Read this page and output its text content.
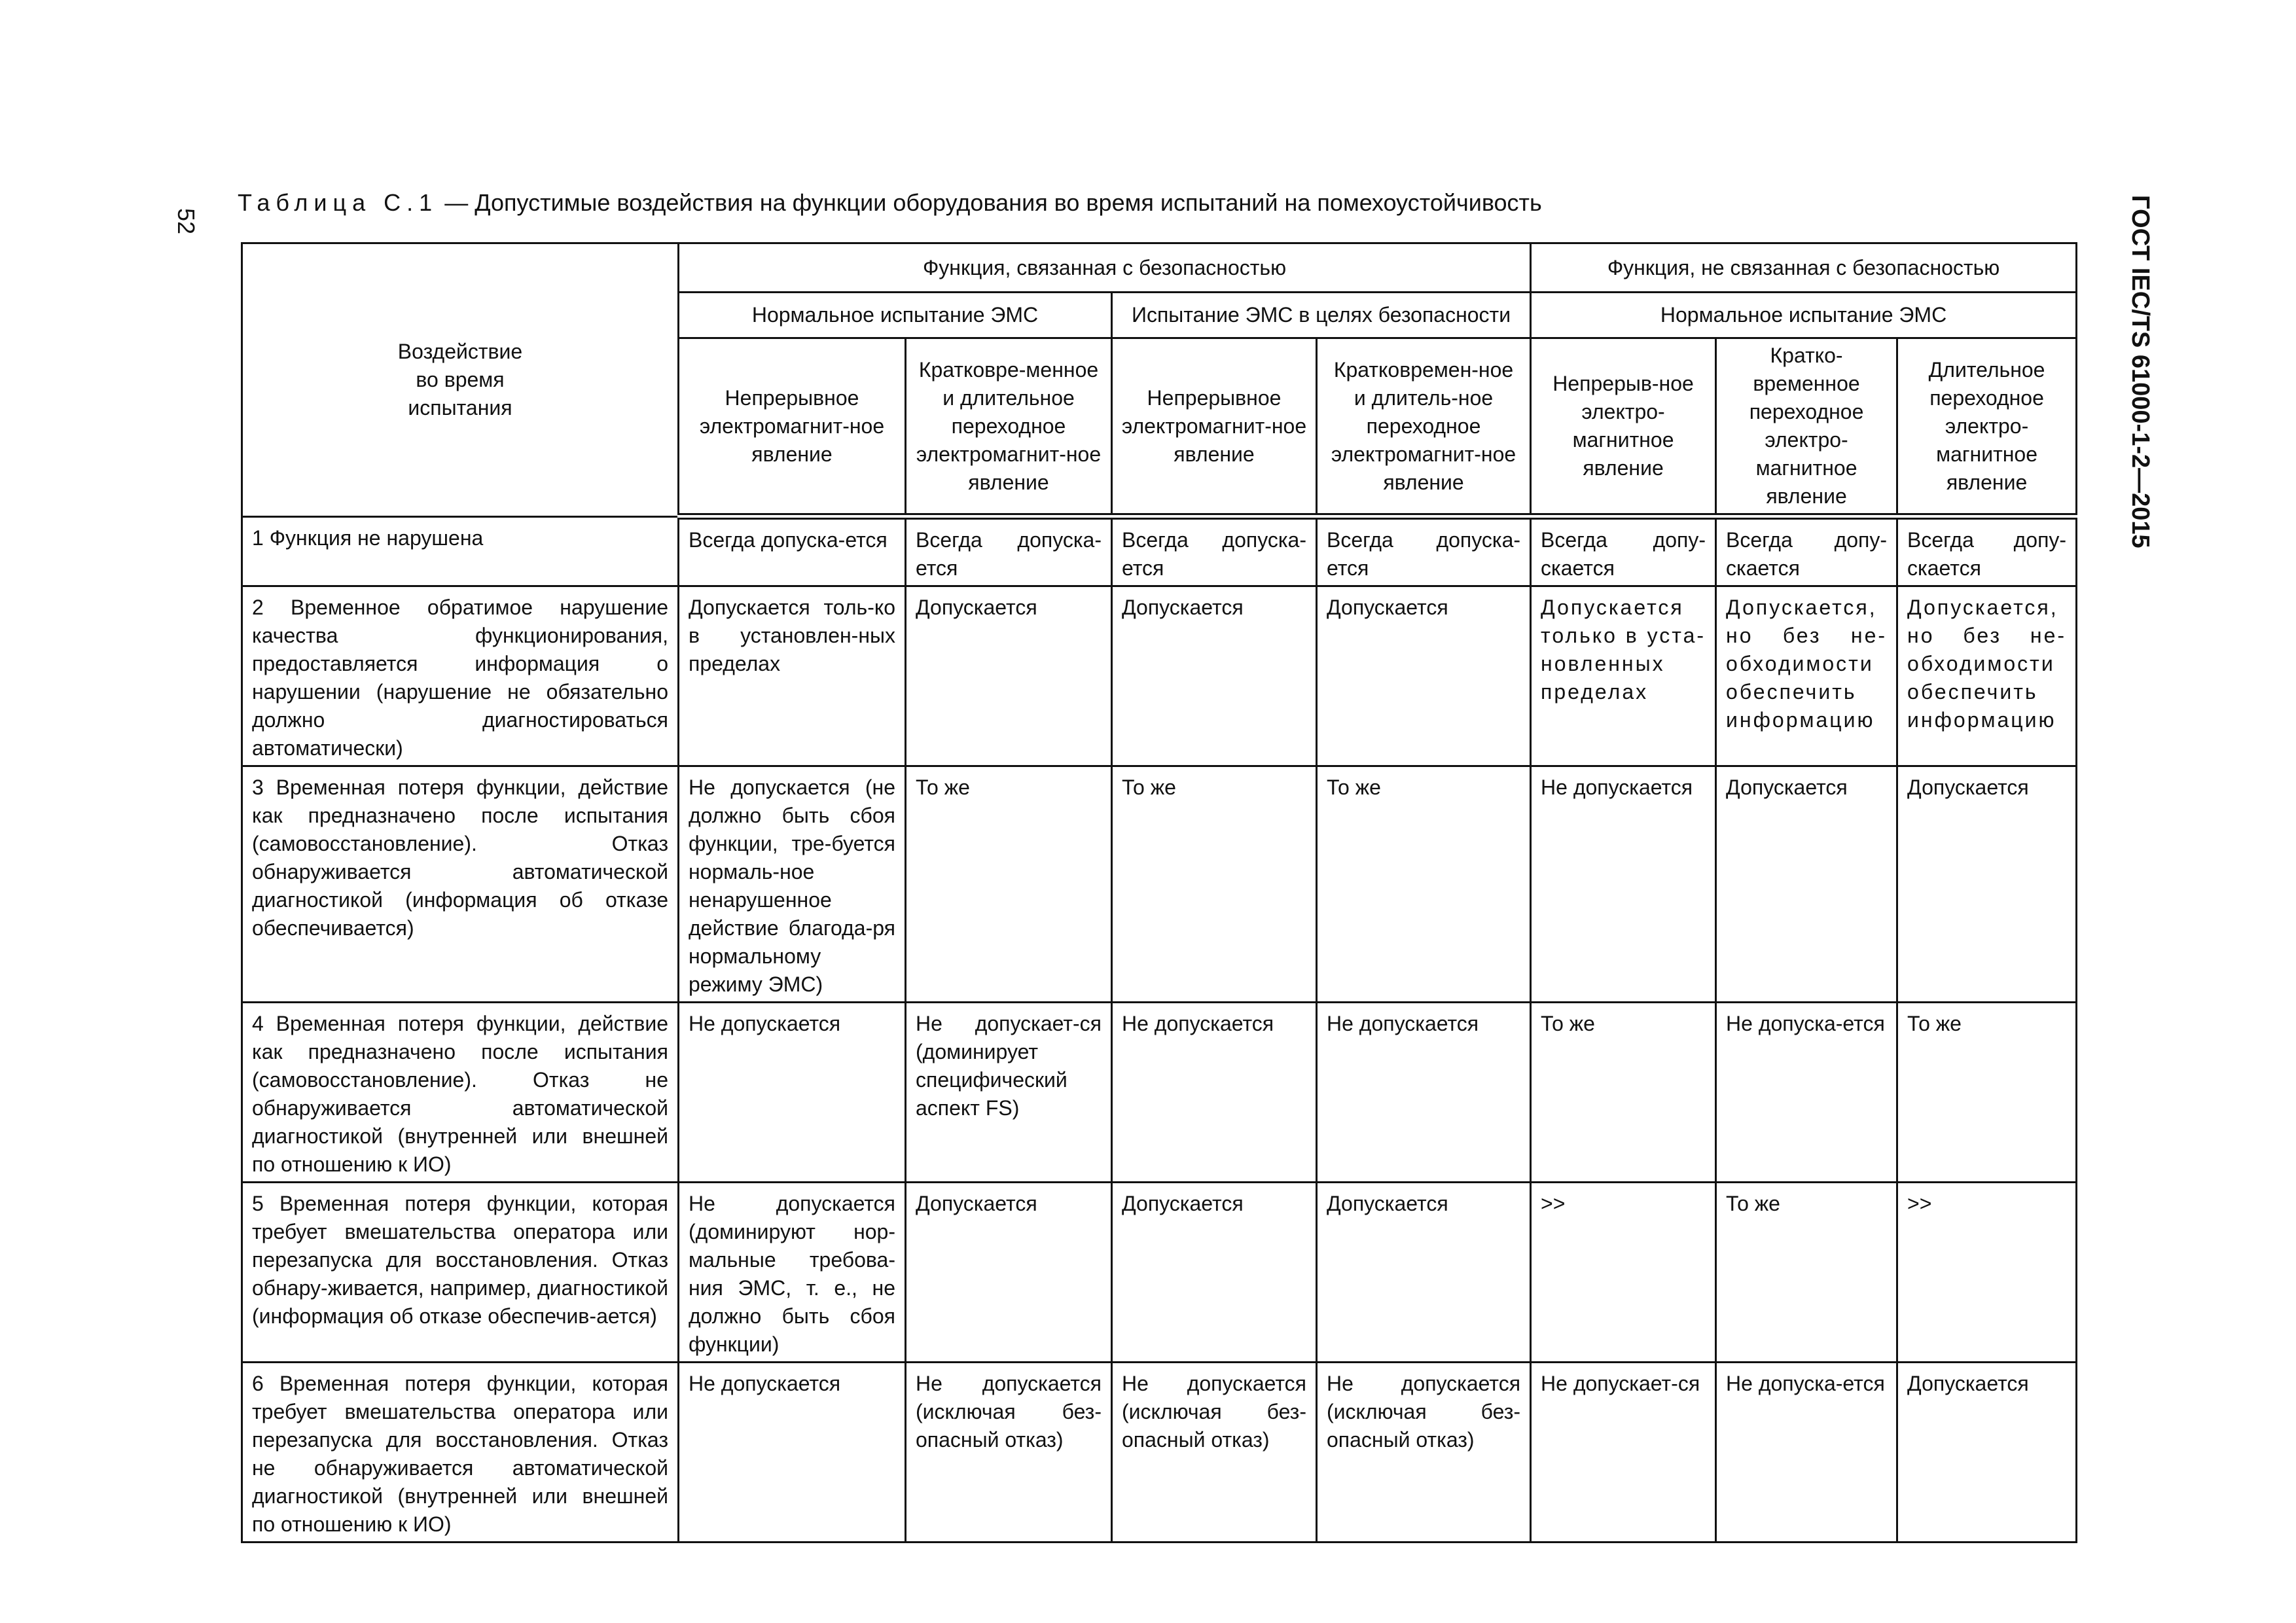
52
Таблица С.1 — Допустимые воздействия на функции оборудования во время испытаний на помехоустойчивость	ГОСТ IEC/TS 61000-1-2—2015
Воздействие во время испытания	Функция, связанная с безопасностью				Функция, не связанная с безопасностью		
	Нормальное испытание ЭМС		Испытание ЭМС в целях безопасности		Нормальное испытание ЭМС		
	Непрерывное электромагнит-ное явление	Кратковре-менное и длительное переходное электромагнит-ное явление	Непрерывное электромагнит-ное явление	Кратковремен-ное и длитель-ное переходное электромагнит-ное явление	Непрерыв-ное электро-магнитное явление	Кратко-временное переходное электро-магнитное явление	Длительное переходное электро-магнитное явление
1 Функция не нарушена	Всегда допуска-ется	Всегда допуска-ется	Всегда допуска-ется	Всегда допуска-ется	Всегда допу-скается	Всегда допу-скается	Всегда допу-скается
2 Временное обратимое нарушение качества функционирования, предоставляется информация о нарушении (нарушение не обязательно должно диагностироваться автоматически)	Допускается толь-ко в установлен-ных пределах	Допускается	Допускается	Допускается	Допускается только в уста-новленных пределах	Допускается, но без не-обходимости обеспечить информацию	Допускается, но без не-обходимости обеспечить информацию
3 Временная потеря функции, действие как предназначено после испытания (самовосстановление). Отказ обнаруживается автоматической диагностикой (информация об отказе обеспечивается)	Не допускается (не должно быть сбоя функции, тре-буется нормаль-ное ненарушенное действие благода-ря нормальному режиму ЭМС)	То же	То же	То же	Не допускается	Допускается	Допускается
4 Временная потеря функции, действие как предназначено после испытания (самовосстановление). Отказ не обнаруживается автоматической диагностикой (внутренней или внешней по отношению к ИО)	Не допускается	Не допускает-ся (доминирует специфический аспект FS)	Не допускается	Не допускается	То же	Не допуска-ется	То же
5 Временная потеря функции, которая требует вмешательства оператора или перезапуска для восстановления. Отказ обнару-живается, например, диагностикой (информация об отказе обеспечив-ается)	Не допускается (доминируют нор-мальные требова-ния ЭМС, т. е., не должно быть сбоя функции)	Допускается	Допускается	Допускается	>>	То же	>>
6 Временная потеря функции, которая требует вмешательства оператора или перезапуска для восстановления. Отказ не обнаруживается автоматической диагностикой (внутренней или внешней по отношению к ИО)	Не допускается	Не допускается (исключая без-опасный отказ)	Не допускается (исключая без-опасный отказ)	Не допускается (исключая без-опасный отказ)	Не допускает-ся	Не допуска-ется	Допускается
